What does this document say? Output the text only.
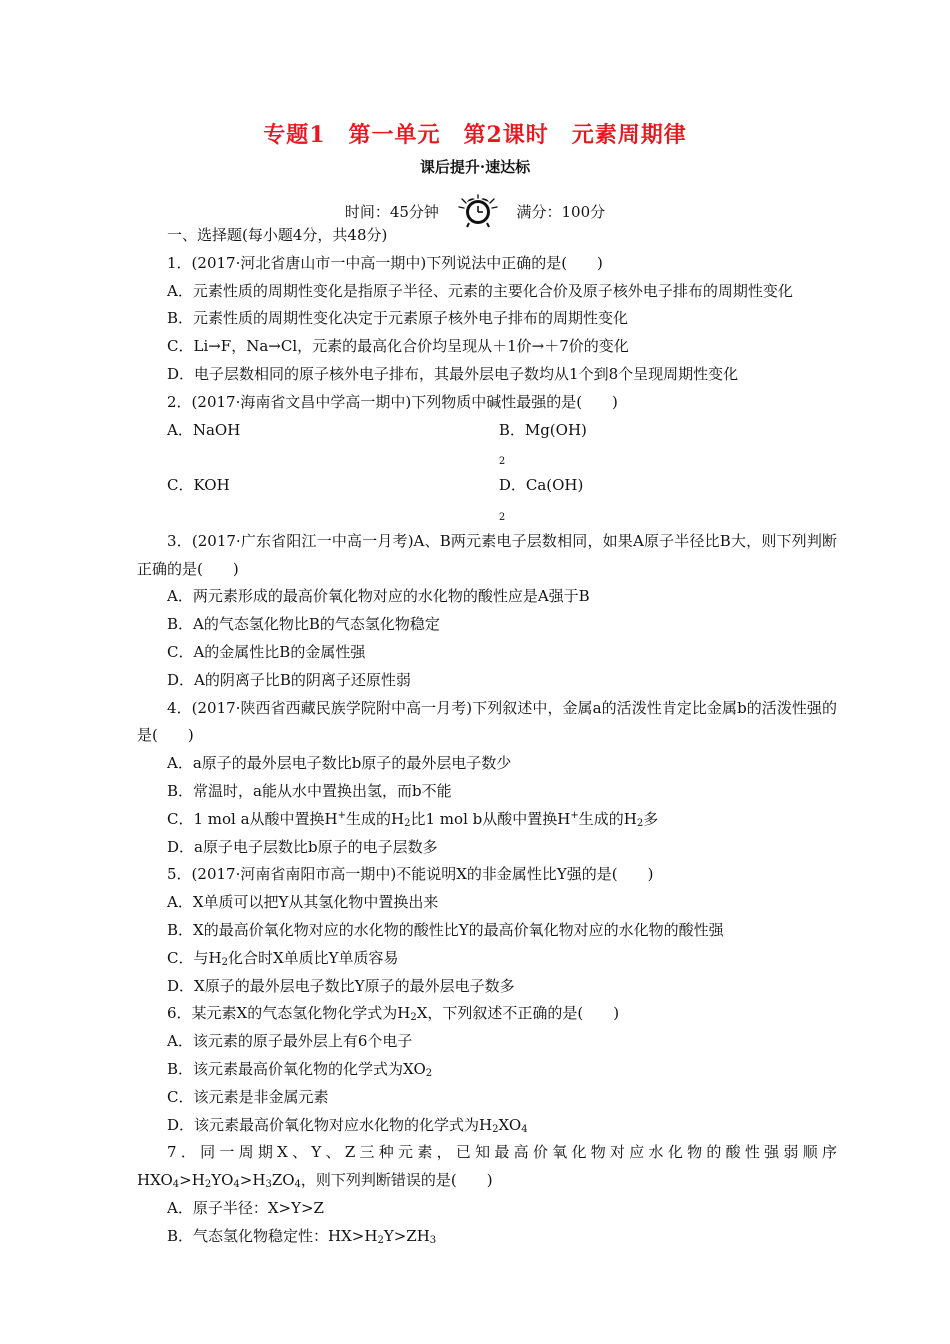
专题1　第一单元　第2课时　元素周期律
课后提升·速达标
时间：45分钟	满分：100分
一、选择题(每小题4分，共48分)
1．(2017·河北省唐山市一中高一期中)下列说法中正确的是(　　)
A．元素性质的周期性变化是指原子半径、元素的主要化合价及原子核外电子排布的周期性变化
B．元素性质的周期性变化决定于元素原子核外电子排布的周期性变化
C．Li→F，Na→Cl，元素的最高化合价均呈现从＋1价→＋7价的变化
D．电子层数相同的原子核外电子排布，其最外层电子数均从1个到8个呈现周期性变化
2．(2017·海南省文昌中学高一期中)下列物质中碱性最强的是(　　)
A．NaOH	B．$Mg(OH)_2$
C．KOH	D．$Ca(OH)_2$
3．(2017·广东省阳江一中高一月考)A、B两元素电子层数相同，如果A原子半径比B大，则下列判断正确的是(　　)
A．两元素形成的最高价氧化物对应的水化物的酸性应是A强于B
B．A的气态氢化物比B的气态氢化物稳定
C．A的金属性比B的金属性强
D．A的阴离子比B的阴离子还原性弱
4．(2017·陕西省西藏民族学院附中高一月考)下列叙述中，金属a的活泼性肯定比金属b的活泼性强的是(　　)
A．a原子的最外层电子数比b原子的最外层电子数少
B．常温时，a能从水中置换出氢，而b不能
C．1 mol a从酸中置换H+生成的$H_2$比1 mol b从酸中置换H+生成的$H_2$多
D．a原子电子层数比b原子的电子层数多
5．(2017·河南省南阳市高一期中)不能说明X的非金属性比Y强的是(　　)
A．X单质可以把Y从其氢化物中置换出来
B．X的最高价氧化物对应的水化物的酸性比Y的最高价氧化物对应的水化物的酸性强
C．与$H_2$化合时X单质比Y单质容易
D．X原子的最外层电子数比Y原子的最外层电子数多
6．某元素X的气态氢化物化学式为$H_2X$，下列叙述不正确的是(　　)
A．该元素的原子最外层上有6个电子
B．该元素最高价氧化物的化学式为$XO_2$
C．该元素是非金属元素
D．该元素最高价氧化物对应水化物的化学式为$H_2XO_4$
7．同一周期X、Y、Z三种元素，已知最高价氧化物对应水化物的酸性强弱顺序$HXO_4>H_2YO_4>H_3ZO_4$，则下列判断错误的是(　　)
A．原子半径：X>Y>Z
B．气态氢化物稳定性：$HX>H_2Y>ZH_3$
